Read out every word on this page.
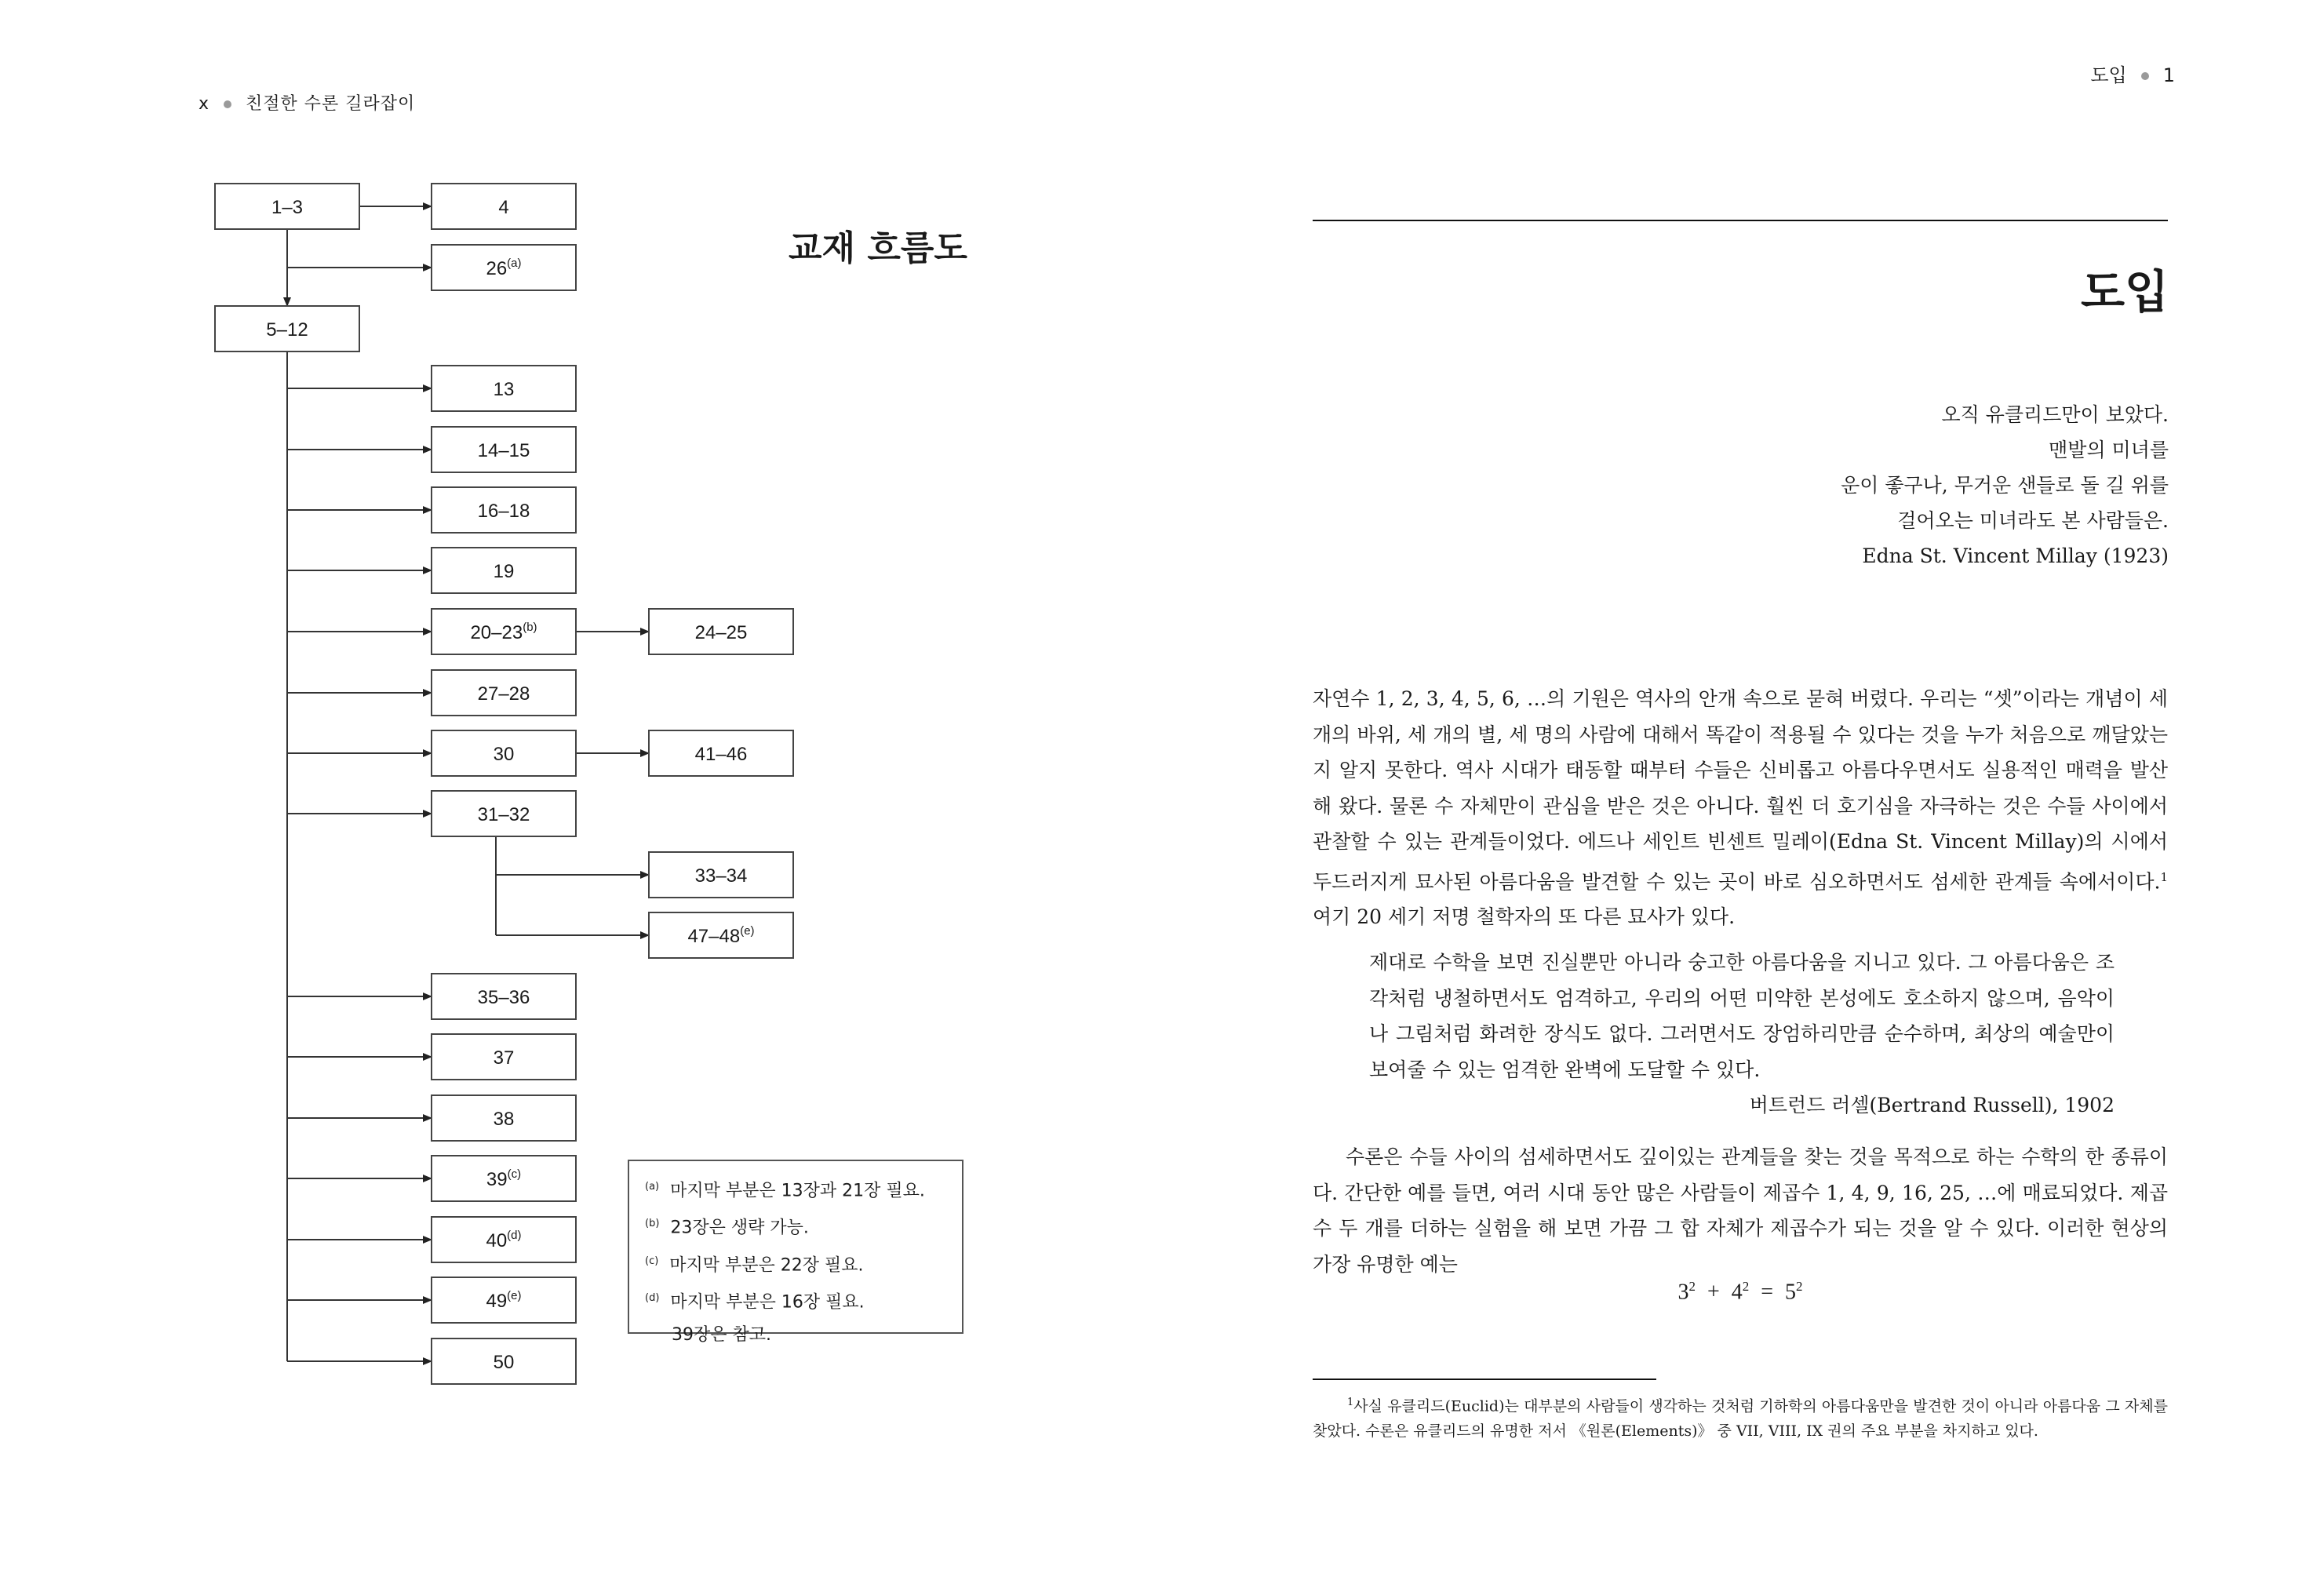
x 친절한 수론 길라잡이
교재 흐름도
1–3	4
26$^{(a)}$
5–12
13
14–15
16–18
19
20–23$^{(b)}$	24–25
27–28
30	41–46
31–32
33–34
47–48$^{(e)}$
35–36
37
38
39$^{(c)}$
40$^{(d)}$
49$^{(e)}$
50
$^{(a)}$ 마지막 부분은 13장과 21장 필요.
$^{(b)}$ 23장은 생략 가능.
$^{(c)}$ 마지막 부분은 22장 필요.
$^{(d)}$ 마지막 부분은 16장 필요.
39장은 참고.
도입 1
도입
오직 유클리드만이 보았다.
맨발의 미녀를
운이 좋구나, 무거운 샌들로 돌 길 위를
걸어오는 미녀라도 본 사람들은.
Edna St. Vincent Millay (1923)
자연수 1, 2, 3, 4, 5, 6, …의 기원은 역사의 안개 속으로 묻혀 버렸다. 우리는 “셋”이라는 개념이 세 개의 바위, 세 개의 별, 세 명의 사람에 대해서 똑같이 적용될 수 있다는 것을 누가 처음으로 깨달았는지 알지 못한다. 역사 시대가 태동할 때부터 수들은 신비롭고 아름다우면서도 실용적인 매력을 발산해 왔다. 물론 수 자체만이 관심을 받은 것은 아니다. 훨씬 더 호기심을 자극하는 것은 수들 사이에서 관찰할 수 있는 관계들이었다. 에드나 세인트 빈센트 밀레이(Edna St. Vincent Millay)의 시에서 두드러지게 묘사된 아름다움을 발견할 수 있는 곳이 바로 심오하면서도 섬세한 관계들 속에서이다.$^1$ 여기 20 세기 저명 철학자의 또 다른 묘사가 있다.
제대로 수학을 보면 진실뿐만 아니라 숭고한 아름다움을 지니고 있다. 그 아름다움은 조각처럼 냉철하면서도 엄격하고, 우리의 어떤 미약한 본성에도 호소하지 않으며, 음악이나 그림처럼 화려한 장식도 없다. 그러면서도 장엄하리만큼 순수하며, 최상의 예술만이 보여줄 수 있는 엄격한 완벽에 도달할 수 있다.
버트런드 러셀(Bertrand Russell), 1902
수론은 수들 사이의 섬세하면서도 깊이있는 관계들을 찾는 것을 목적으로 하는 수학의 한 종류이다. 간단한 예를 들면, 여러 시대 동안 많은 사람들이 제곱수 1, 4, 9, 16, 25, …에 매료되었다. 제곱수 두 개를 더하는 실험을 해 보면 가끔 그 합 자체가 제곱수가 되는 것을 알 수 있다. 이러한 현상의 가장 유명한 예는
$3^2 + 4^2 = 5^2$
$^1$사실 유클리드(Euclid)는 대부분의 사람들이 생각하는 것처럼 기하학의 아름다움만을 발견한 것이 아니라 아름다움 그 자체를 찾았다. 수론은 유클리드의 유명한 저서 《원론(Elements)》 중 VII, VIII, IX 권의 주요 부분을 차지하고 있다.
